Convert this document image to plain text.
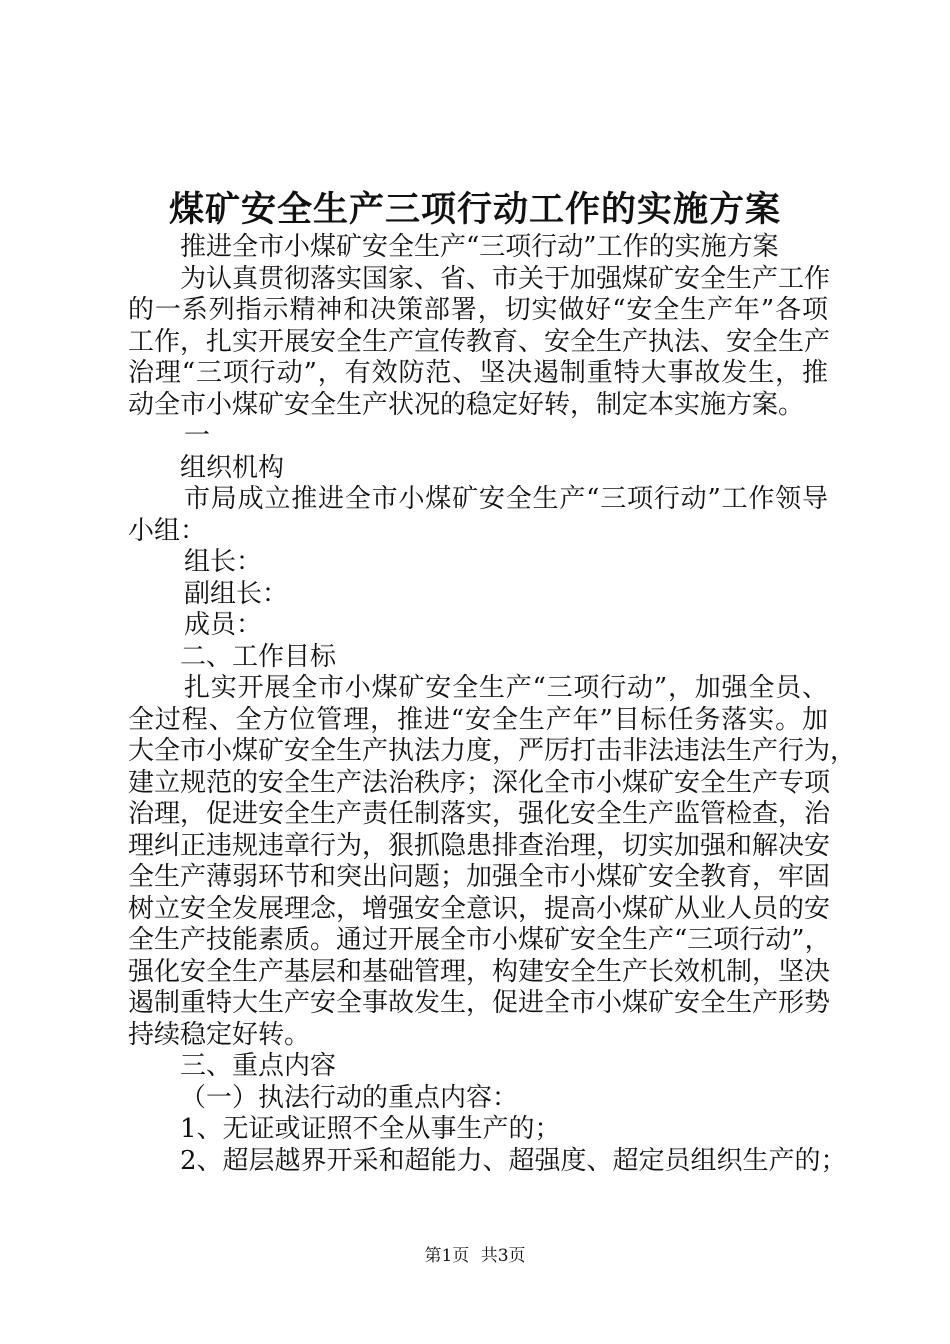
煤矿安全生产三项行动工作的实施方案

推进全市小煤矿安全生产“三项行动”工作的实施方案

为认真贯彻落实国家、省、市关于加强煤矿安全生产工作

的一系列指示精神和决策部署，切实做好“安全生产年”各项

工作，扎实开展安全生产宣传教育、安全生产执法、安全生产

治理“三项行动”，有效防范、坚决遏制重特大事故发生，推

动全市小煤矿安全生产状况的稳定好转，制定本实施方案。

一

组织机构

市局成立推进全市小煤矿安全生产“三项行动”工作领导

小组：

组长：

副组长：

成员：

二、工作目标

扎实开展全市小煤矿安全生产“三项行动”，加强全员、

全过程、全方位管理，推进“安全生产年”目标任务落实。加

大全市小煤矿安全生产执法力度，严厉打击非法违法生产行为，

建立规范的安全生产法治秩序；深化全市小煤矿安全生产专项

治理，促进安全生产责任制落实，强化安全生产监管检查，治

理纠正违规违章行为，狠抓隐患排查治理，切实加强和解决安

全生产薄弱环节和突出问题；加强全市小煤矿安全教育，牢固

树立安全发展理念，增强安全意识，提高小煤矿从业人员的安

全生产技能素质。通过开展全市小煤矿安全生产“三项行动”，

强化安全生产基层和基础管理，构建安全生产长效机制，坚决

遏制重特大生产安全事故发生，促进全市小煤矿安全生产形势

持续稳定好转。

三、重点内容

（一）执法行动的重点内容：

1、无证或证照不全从事生产的；

2、超层越界开采和超能力、超强度、超定员组织生产的；

第1页 共3页
